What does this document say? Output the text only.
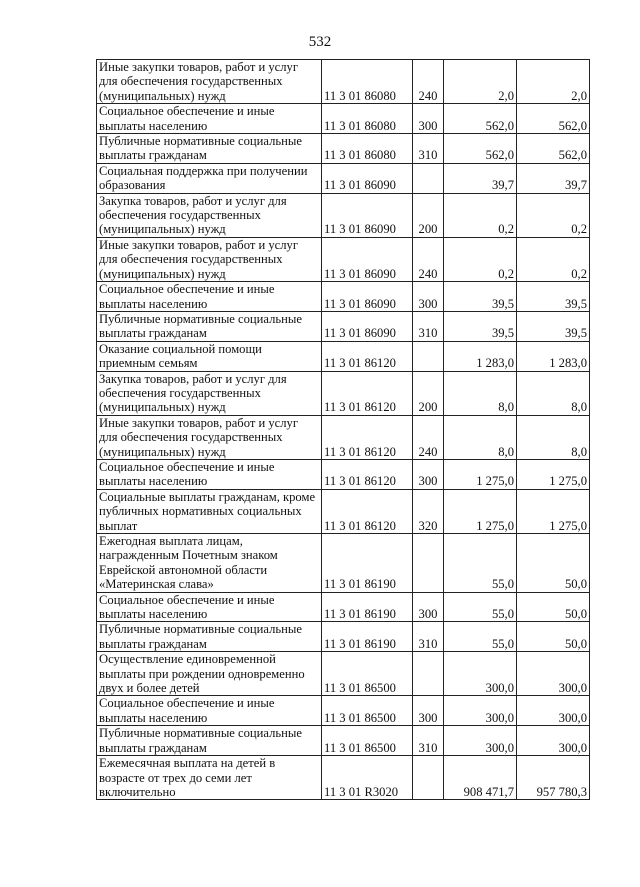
532
Иные закупки товаров, работ и услуг
для обеспечения государственных
(муниципальных) нужд	11 3 01 86080	240	2,0	2,0

Социальное обеспечение и иные
выплаты населению	11 3 01 86080	300	562,0	562,0

Публичные нормативные социальные
выплаты гражданам	11 3 01 86080	310	562,0	562,0

Социальная поддержка при получении
образования	11 3 01 86090		39,7	39,7

Закупка товаров, работ и услуг для
обеспечения государственных
(муниципальных) нужд	11 3 01 86090	200	0,2	0,2

Иные закупки товаров, работ и услуг
для обеспечения государственных
(муниципальных) нужд	11 3 01 86090	240	0,2	0,2

Социальное обеспечение и иные
выплаты населению	11 3 01 86090	300	39,5	39,5

Публичные нормативные социальные
выплаты гражданам	11 3 01 86090	310	39,5	39,5

Оказание социальной помощи
приемным семьям	11 3 01 86120		1 283,0	1 283,0

Закупка товаров, работ и услуг для
обеспечения государственных
(муниципальных) нужд	11 3 01 86120	200	8,0	8,0

Иные закупки товаров, работ и услуг
для обеспечения государственных
(муниципальных) нужд	11 3 01 86120	240	8,0	8,0

Социальное обеспечение и иные
выплаты населению	11 3 01 86120	300	1 275,0	1 275,0

Социальные выплаты гражданам, кроме
публичных нормативных социальных
выплат	11 3 01 86120	320	1 275,0	1 275,0

Ежегодная выплата лицам,
награжденным Почетным знаком
Еврейской автономной области
«Материнская слава»	11 3 01 86190		55,0	50,0

Социальное обеспечение и иные
выплаты населению	11 3 01 86190	300	55,0	50,0

Публичные нормативные социальные
выплаты гражданам	11 3 01 86190	310	55,0	50,0

Осуществление единовременной
выплаты при рождении одновременно
двух и более детей	11 3 01 86500		300,0	300,0

Социальное обеспечение и иные
выплаты населению	11 3 01 86500	300	300,0	300,0

Публичные нормативные социальные
выплаты гражданам	11 3 01 86500	310	300,0	300,0

Ежемесячная выплата на детей в
возрасте от трех до семи лет
включительно	11 3 01 R3020		908 471,7	957 780,3
